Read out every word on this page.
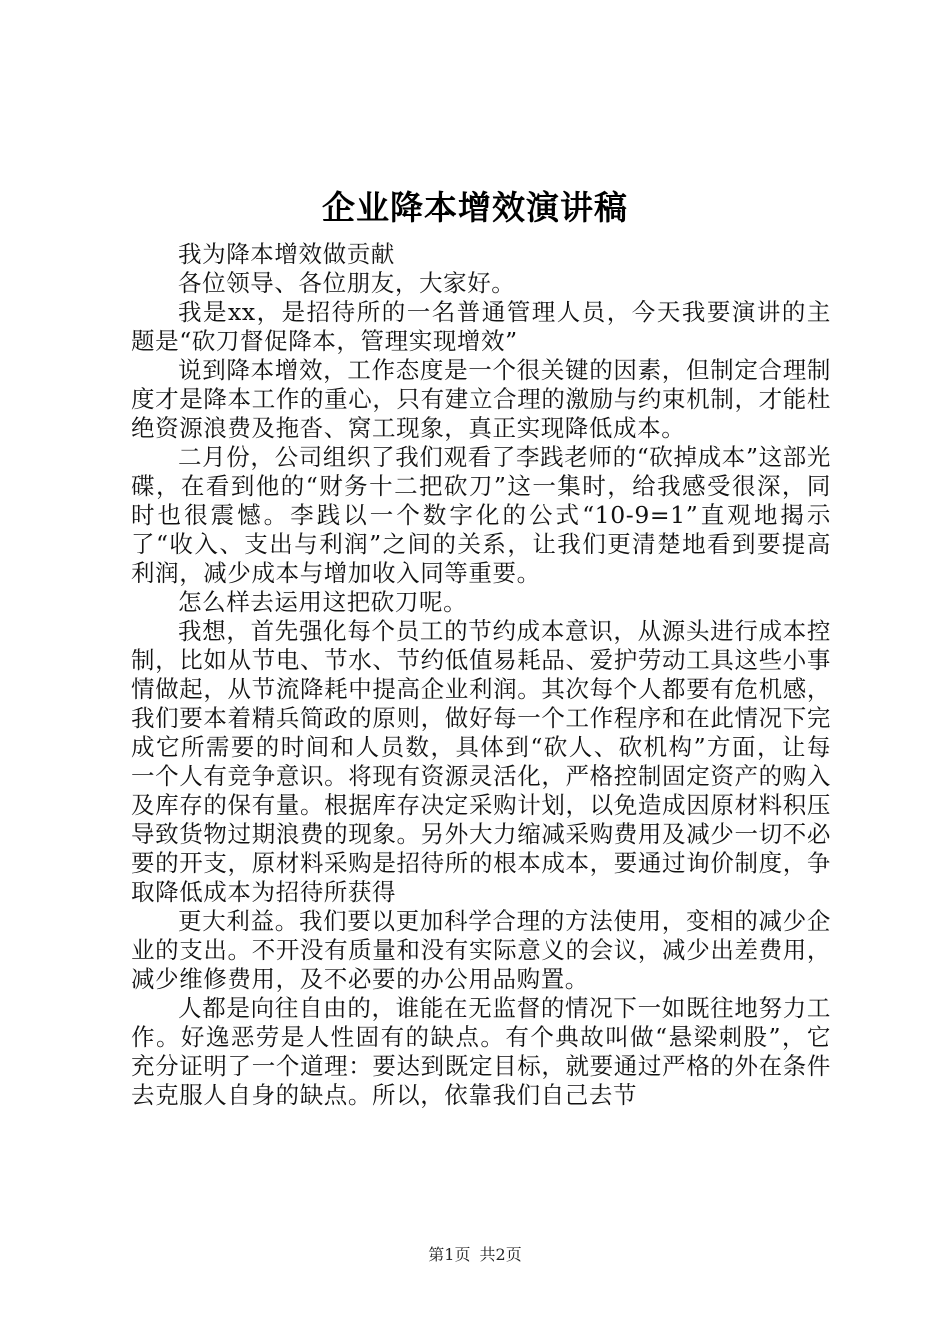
企业降本增效演讲稿

我为降本增效做贡献

各位领导、各位朋友，大家好。

我是xx，是招待所的一名普通管理人员，今天我要演讲的主题是“砍刀督促降本，管理实现增效”

说到降本增效，工作态度是一个很关键的因素，但制定合理制度才是降本工作的重心，只有建立合理的激励与约束机制，才能杜绝资源浪费及拖沓、窝工现象，真正实现降低成本。

二月份，公司组织了我们观看了李践老师的“砍掉成本”这部光碟，在看到他的“财务十二把砍刀”这一集时，给我感受很深，同时也很震憾。李践以一个数字化的公式“10-9=1”直观地揭示了“收入、支出与利润”之间的关系，让我们更清楚地看到要提高利润，减少成本与增加收入同等重要。

怎么样去运用这把砍刀呢。

我想，首先强化每个员工的节约成本意识，从源头进行成本控制，比如从节电、节水、节约低值易耗品、爱护劳动工具这些小事情做起，从节流降耗中提高企业利润。其次每个人都要有危机感，我们要本着精兵简政的原则，做好每一个工作程序和在此情况下完成它所需要的时间和人员数，具体到“砍人、砍机构”方面，让每一个人有竞争意识。将现有资源灵活化，严格控制固定资产的购入及库存的保有量。根据库存决定采购计划，以免造成因原材料积压导致货物过期浪费的现象。另外大力缩减采购费用及减少一切不必要的开支，原材料采购是招待所的根本成本，要通过询价制度，争取降低成本为招待所获得

更大利益。我们要以更加科学合理的方法使用，变相的减少企业的支出。不开没有质量和没有实际意义的会议，减少出差费用，减少维修费用，及不必要的办公用品购置。

人都是向往自由的，谁能在无监督的情况下一如既往地努力工作。好逸恶劳是人性固有的缺点。有个典故叫做“悬梁刺股”，它充分证明了一个道理：要达到既定目标，就要通过严格的外在条件去克服人自身的缺点。所以，依靠我们自己去节

第1页 共2页
